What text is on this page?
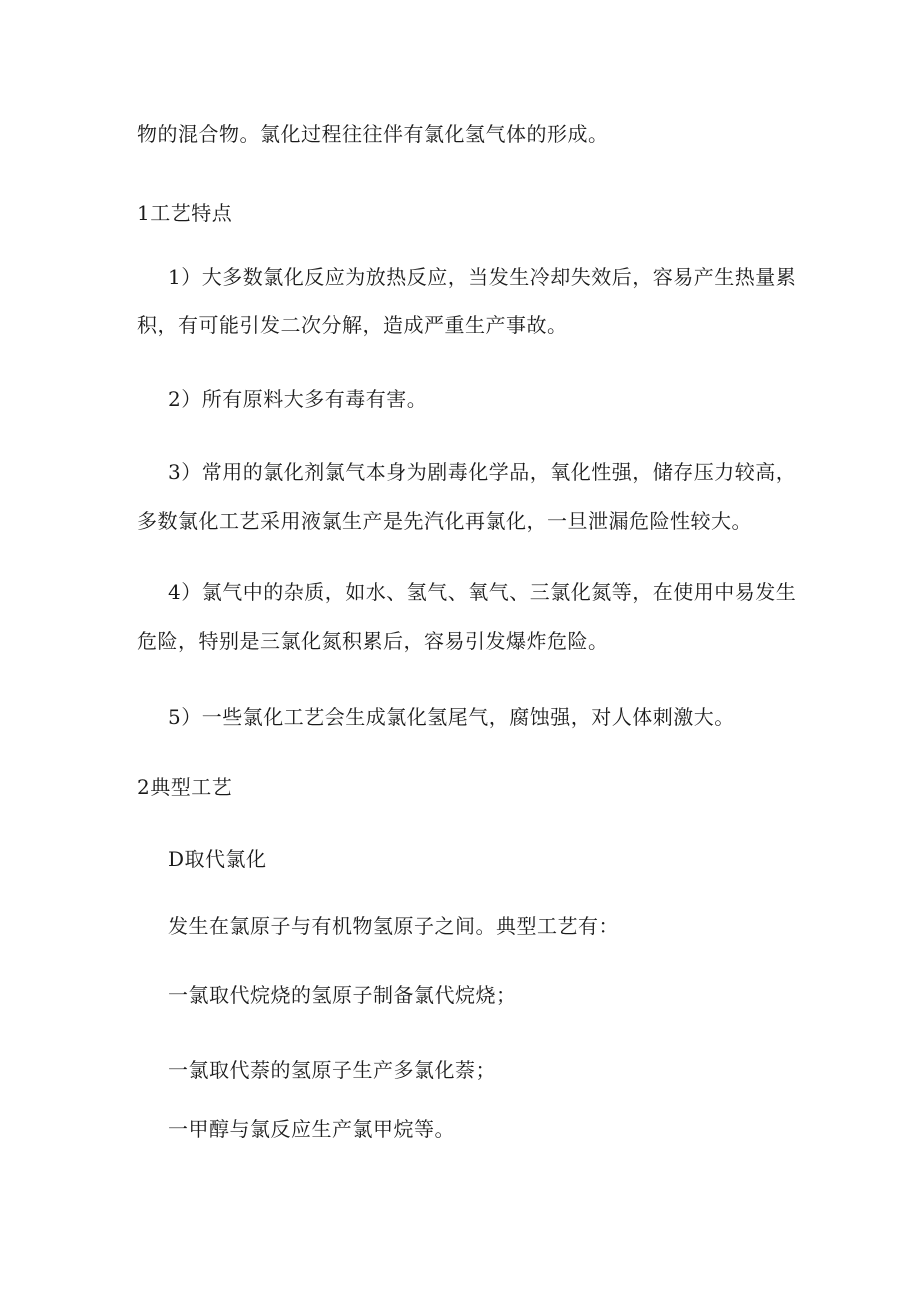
物的混合物。氯化过程往往伴有氯化氢气体的形成。
1工艺特点
1）大多数氯化反应为放热反应，当发生冷却失效后，容易产生热量累
积，有可能引发二次分解，造成严重生产事故。
2）所有原料大多有毒有害。
3）常用的氯化剂氯气本身为剧毒化学品，氧化性强，储存压力较高，
多数氯化工艺采用液氯生产是先汽化再氯化，一旦泄漏危险性较大。
4）氯气中的杂质，如水、氢气、氧气、三氯化氮等，在使用中易发生
危险，特别是三氯化氮积累后，容易引发爆炸危险。
5）一些氯化工艺会生成氯化氢尾气，腐蚀强，对人体刺激大。
2典型工艺
D取代氯化
发生在氯原子与有机物氢原子之间。典型工艺有：
一氯取代烷烧的氢原子制备氯代烷烧；
一氯取代萘的氢原子生产多氯化萘；
一甲醇与氯反应生产氯甲烷等。
